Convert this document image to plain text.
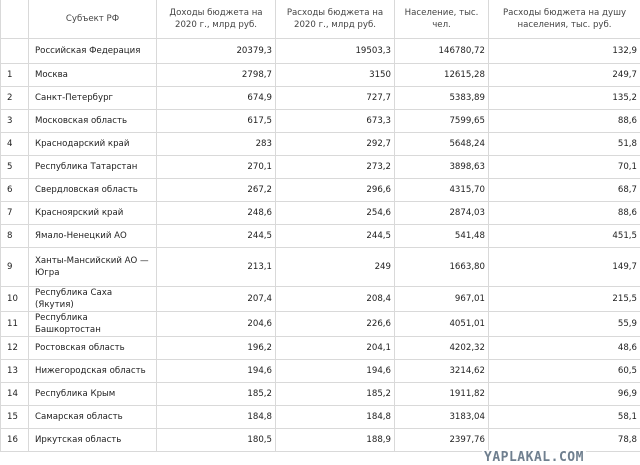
	Субъект РФ	Доходы бюджета на 2020 г., млрд руб.	Расходы бюджета на 2020 г., млрд руб.	Население, тыс. чел.	Расходы бюджета на душу населения, тыс. руб.
	Российская Федерация	20379,3	19503,3	146780,72	132,9
1	Москва	2798,7	3150	12615,28	249,7
2	Санкт-Петербург	674,9	727,7	5383,89	135,2
3	Московская область	617,5	673,3	7599,65	88,6
4	Краснодарский край	283	292,7	5648,24	51,8
5	Республика Татарстан	270,1	273,2	3898,63	70,1
6	Свердловская область	267,2	296,6	4315,70	68,7
7	Красноярский край	248,6	254,6	2874,03	88,6
8	Ямало-Ненецкий АО	244,5	244,5	541,48	451,5
9	Ханты-Мансийский АО — Югра	213,1	249	1663,80	149,7
10	Республика Саха (Якутия)	207,4	208,4	967,01	215,5
11	Республика Башкортостан	204,6	226,6	4051,01	55,9
12	Ростовская область	196,2	204,1	4202,32	48,6
13	Нижегородская область	194,6	194,6	3214,62	60,5
14	Республика Крым	185,2	185,2	1911,82	96,9
15	Самарская область	184,8	184,8	3183,04	58,1
16	Иркутская область	180,5	188,9	2397,76	78,8
YAPLAKAL.COM
